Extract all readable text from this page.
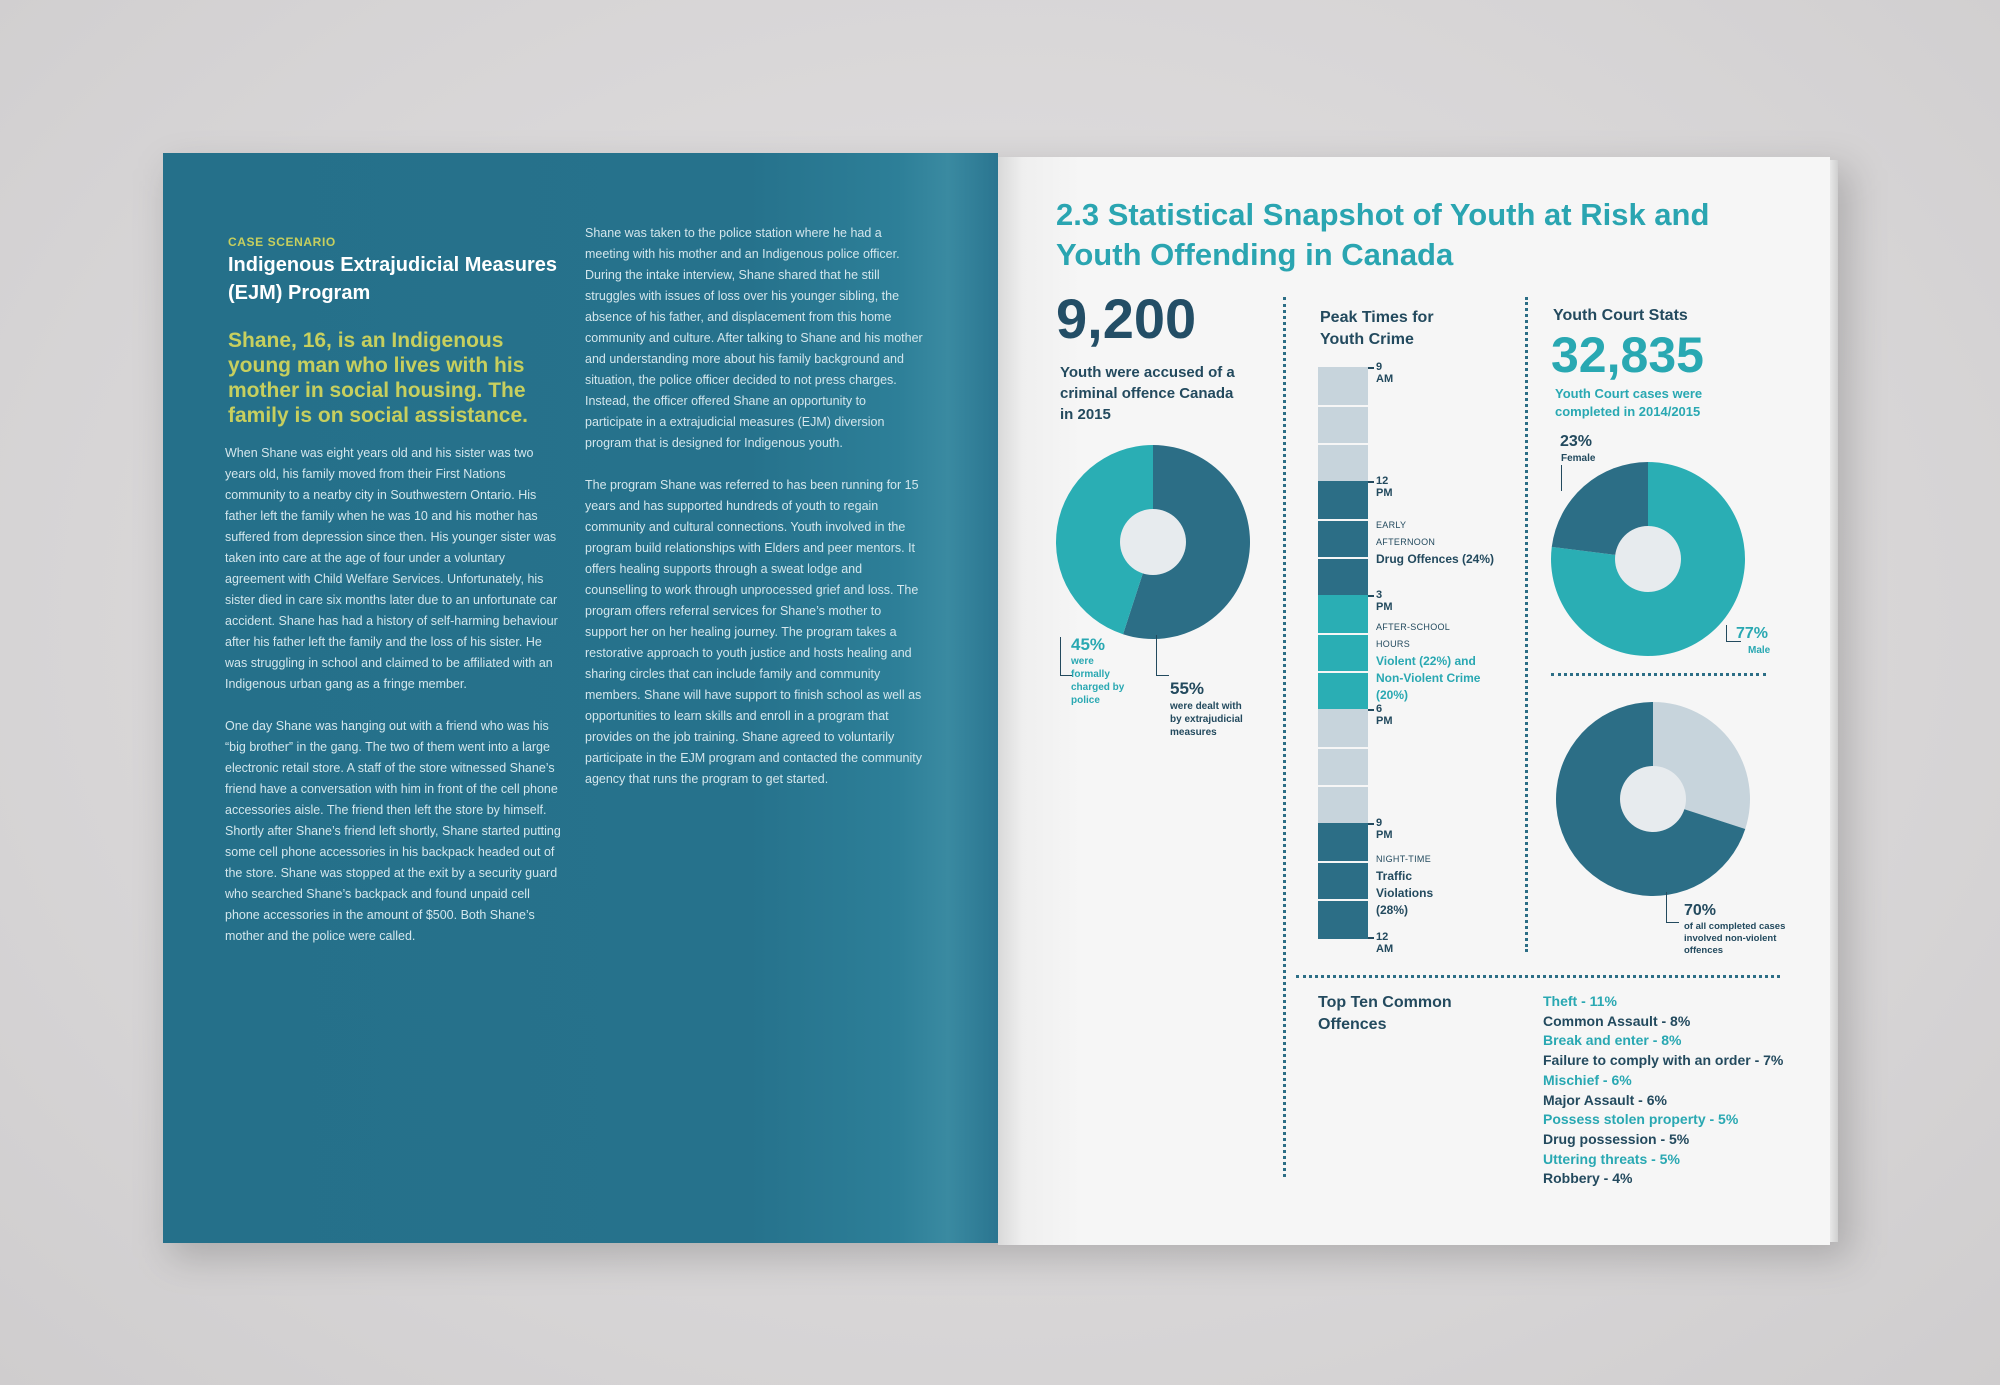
CASE SCENARIO
Indigenous Extrajudicial Measures (EJM) Program
Shane, 16, is an Indigenous young man who lives with his mother in social housing. The family is on social assistance.

When Shane was eight years old and his sister was two years old, his family moved from their First Nations community to a nearby city in Southwestern Ontario. His father left the family when he was 10 and his mother has suffered from depression since then. His younger sister was taken into care at the age of four under a voluntary agreement with Child Welfare Services. Unfortunately, his sister died in care six months later due to an unfortunate car accident. Shane has had a history of self-harming behaviour after his father left the family and the loss of his sister. He was struggling in school and claimed to be affiliated with an Indigenous urban gang as a fringe member.

One day Shane was hanging out with a friend who was his “big brother” in the gang. The two of them went into a large electronic retail store. A staff of the store witnessed Shane’s friend have a conversation with him in front of the cell phone accessories aisle. The friend then left the store by himself. Shortly after Shane’s friend left shortly, Shane started putting some cell phone accessories in his backpack headed out of the store. Shane was stopped at the exit by a security guard who searched Shane’s backpack and found unpaid cell phone accessories in the amount of $500. Both Shane’s mother and the police were called.

Shane was taken to the police station where he had a meeting with his mother and an Indigenous police officer. During the intake interview, Shane shared that he still struggles with issues of loss over his younger sibling, the absence of his father, and displacement from this home community and culture. After talking to Shane and his mother and understanding more about his family background and situation, the police officer decided to not press charges. Instead, the officer offered Shane an opportunity to participate in a extrajudicial measures (EJM) diversion program that is designed for Indigenous youth.

The program Shane was referred to has been running for 15 years and has supported hundreds of youth to regain community and cultural connections. Youth involved in the program build relationships with Elders and peer mentors. It offers healing supports through a sweat lodge and counselling to work through unprocessed grief and loss. The program offers referral services for Shane’s mother to support her on her healing journey. The program takes a restorative approach to youth justice and hosts healing and sharing circles that can include family and community members. Shane will have support to finish school as well as opportunities to learn skills and enroll in a program that provides on the job training. Shane agreed to voluntarily participate in the EJM program and contacted the community agency that runs the program to get started.

2.3 Statistical Snapshot of Youth at Risk and Youth Offending in Canada
9,200
Youth were accused of a criminal offence Canada in 2015
45%
were formally charged by police
55%
were dealt with by extrajudicial measures
Peak Times for Youth Crime
9 AM
12 PM
3 PM
6 PM
9 PM
12 AM
EARLY AFTERNOON
Drug Offences (24%)
AFTER-SCHOOL HOURS
Violent (22%) and Non-Violent Crime (20%)
NIGHT-TIME
Traffic Violations (28%)
Youth Court Stats
32,835
Youth Court cases were completed in 2014/2015
23%
Female
77%
Male
70%
of all completed cases involved non-violent offences
Top Ten Common Offences
Theft - 11%
Common Assault - 8%
Break and enter - 8%
Failure to comply with an order - 7%
Mischief - 6%
Major Assault - 6%
Possess stolen property - 5%
Drug possession - 5%
Uttering threats - 5%
Robbery - 4%
